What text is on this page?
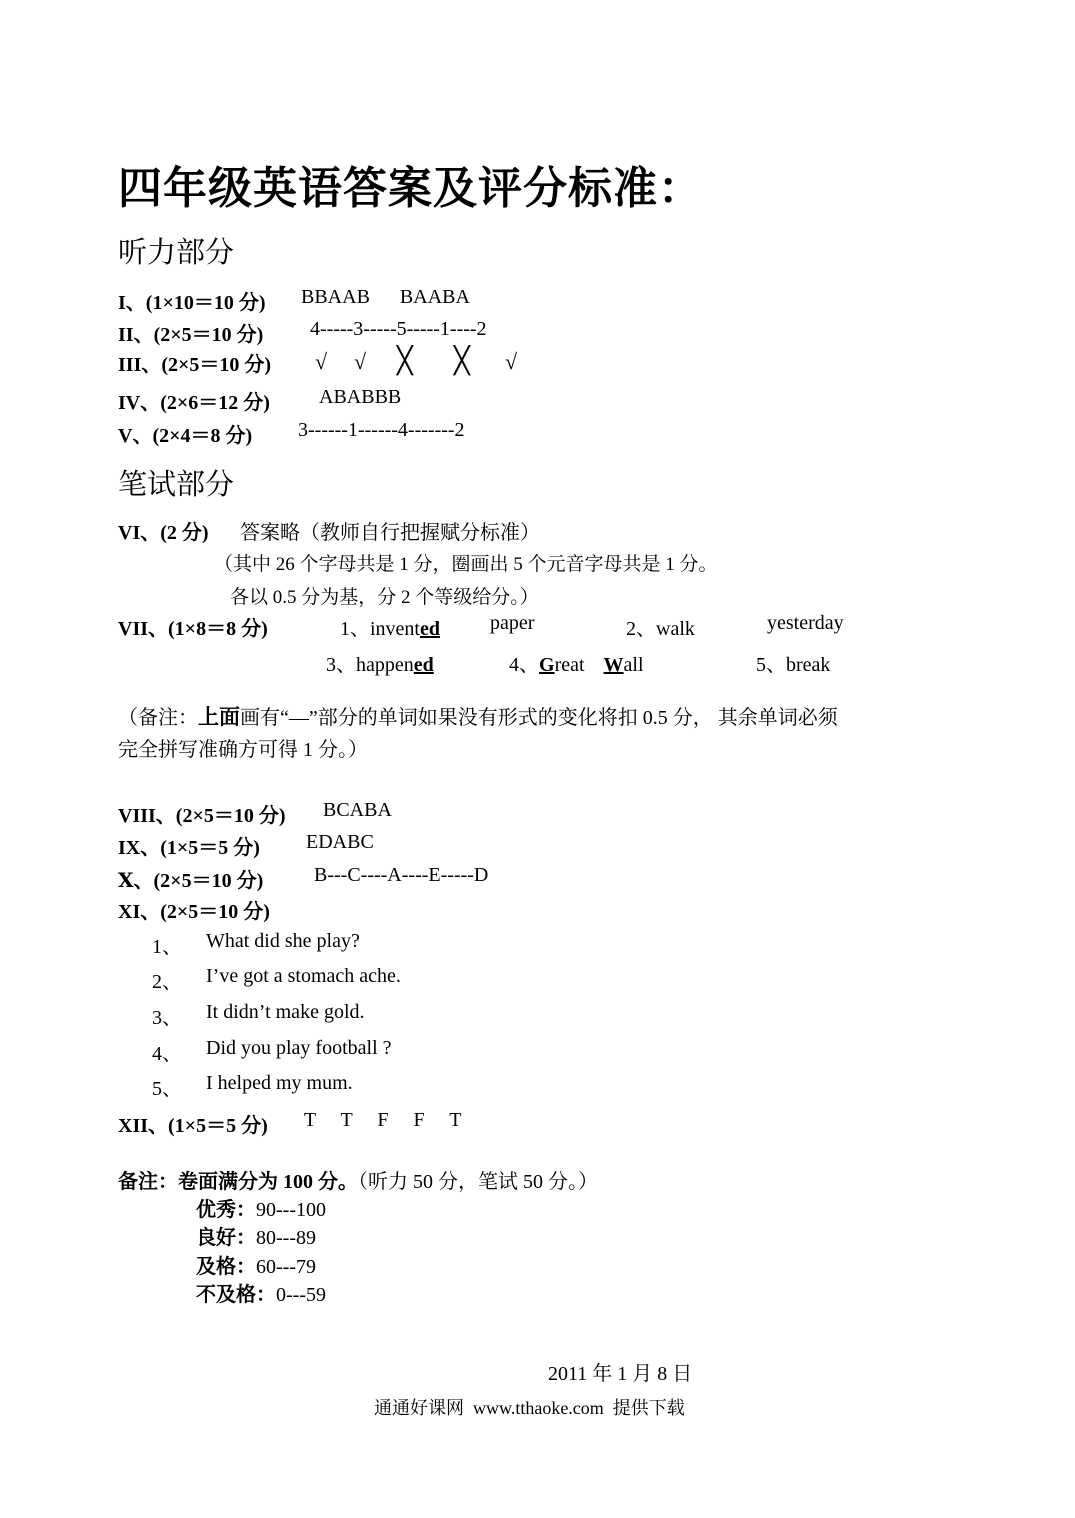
四年级英语答案及评分标准：
听力部分
I、(1×10＝10 分) BBAAB      BAABA
II、(2×5＝10 分) 4-----3-----5-----1----2
III、(2×5＝10 分) √ √ ╳ ╳ √
IV、(2×6＝12 分) ABABBB
V、(2×4＝8 分) 3------1------4-------2
笔试部分
VI、(2 分) 答案略（教师自行把握赋分标准）
（其中 26 个字母共是 1 分，圈画出 5 个元音字母共是 1 分。
各以 0.5 分为基，分 2 个等级给分。）
VII、(1×8＝8 分)	1、invented	paper	2、walk	yesterday
3、happened	4、Great Wall	5、break
（备注：上面画有“—”部分的单词如果没有形式的变化将扣 0.5 分， 其余单词必须
完全拼写准确方可得 1 分。）
VIII、(2×5＝10 分) BCABA
IX、(1×5＝5 分) EDABC
Ⅹ、(2×5＝10 分)	B---C----A----E-----D
XI、(2×5＝10 分)
1、 What did she play?
2、 I’ve got a stomach ache.
3、 It didn’t make gold.
4、 Did you play football ?
5、 I helped my mum.
XII、(1×5＝5 分) T     T     F     F     T
备注：卷面满分为 100 分。（听力 50 分，笔试 50 分。）
优秀：90---100
良好：80---89
及格：60---79
不及格：0---59
2011 年 1 月 8 日
通通好课网  www.tthaoke.com  提供下载
